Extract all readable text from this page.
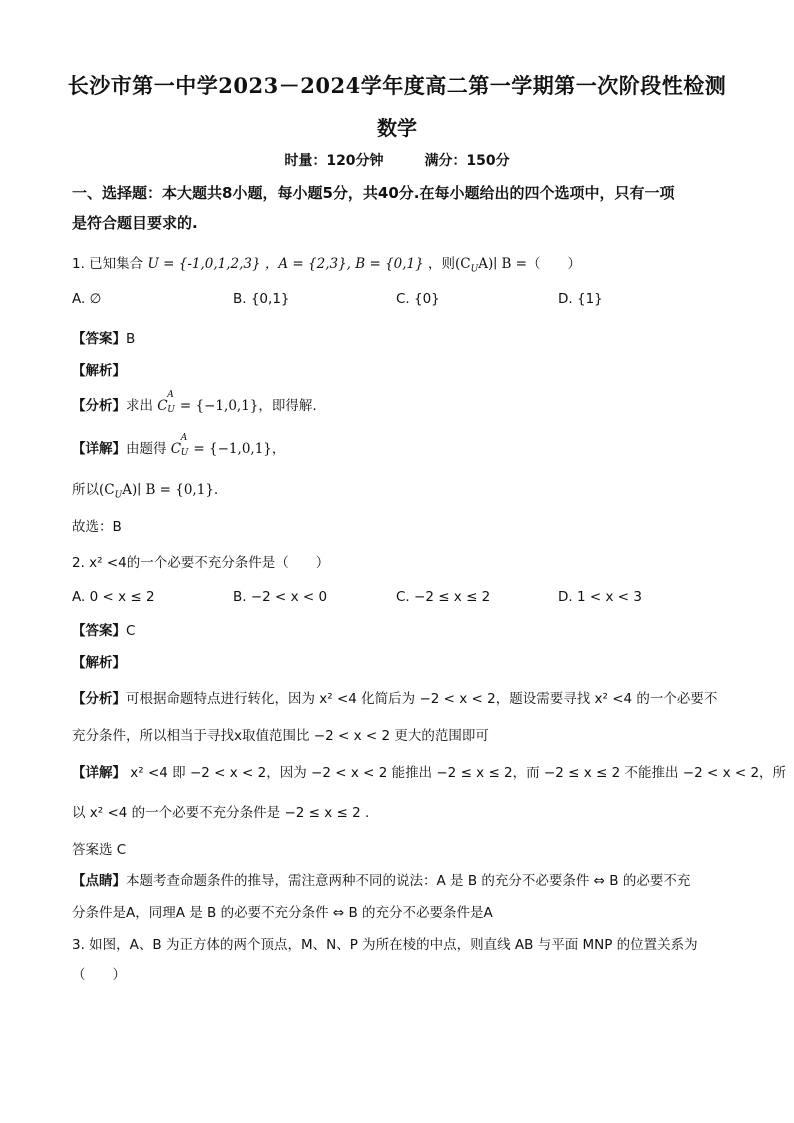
长沙市第一中学2023－2024学年度高二第一学期第一次阶段性检测
数学
时量：120分钟	满分：150分
一、选择题：本大题共8小题，每小题5分，共40分.在每小题给出的四个选项中，只有一项
是符合题目要求的.
1. 已知集合 U = {-1,0,1,2,3} ，A = {2,3}, B = {0,1} ，则$(C_UA)∣$ B =（　　）
A. ∅	B. {0,1}	C. {0}	D. {1}
【答案】B
【解析】
【分析】求出 C
A
U = {−1,0,1}，即得解.
【详解】由题得 C
A
U = {−1,0,1}，
所以$(C_UA)∣$ B = {0,1}.
故选：B
2. x² <4的一个必要不充分条件是（　　）
A. 0 < x ≤ 2	B. −2 < x < 0	C. −2 ≤ x ≤ 2	D. 1 < x < 3
【答案】C
【解析】
【分析】可根据命题特点进行转化，因为 x² <4 化简后为 −2 < x < 2，题设需要寻找 x² <4 的一个必要不
充分条件，所以相当于寻找x取值范围比 −2 < x < 2 更大的范围即可
【详解】 x² <4 即 −2 < x < 2，因为 −2 < x < 2 能推出 −2 ≤ x ≤ 2，而 −2 ≤ x ≤ 2 不能推出 −2 < x < 2，所
以 x² <4 的一个必要不充分条件是 −2 ≤ x ≤ 2 .
答案选 C
【点睛】本题考查命题条件的推导，需注意两种不同的说法：A 是 B 的充分不必要条件 ⇔ B 的必要不充
分条件是A，同理A 是 B 的必要不充分条件 ⇔ B 的充分不必要条件是A
3. 如图，A、B 为正方体的两个顶点，M、N、P 为所在棱的中点，则直线 AB 与平面 MNP 的位置关系为
（　　）
